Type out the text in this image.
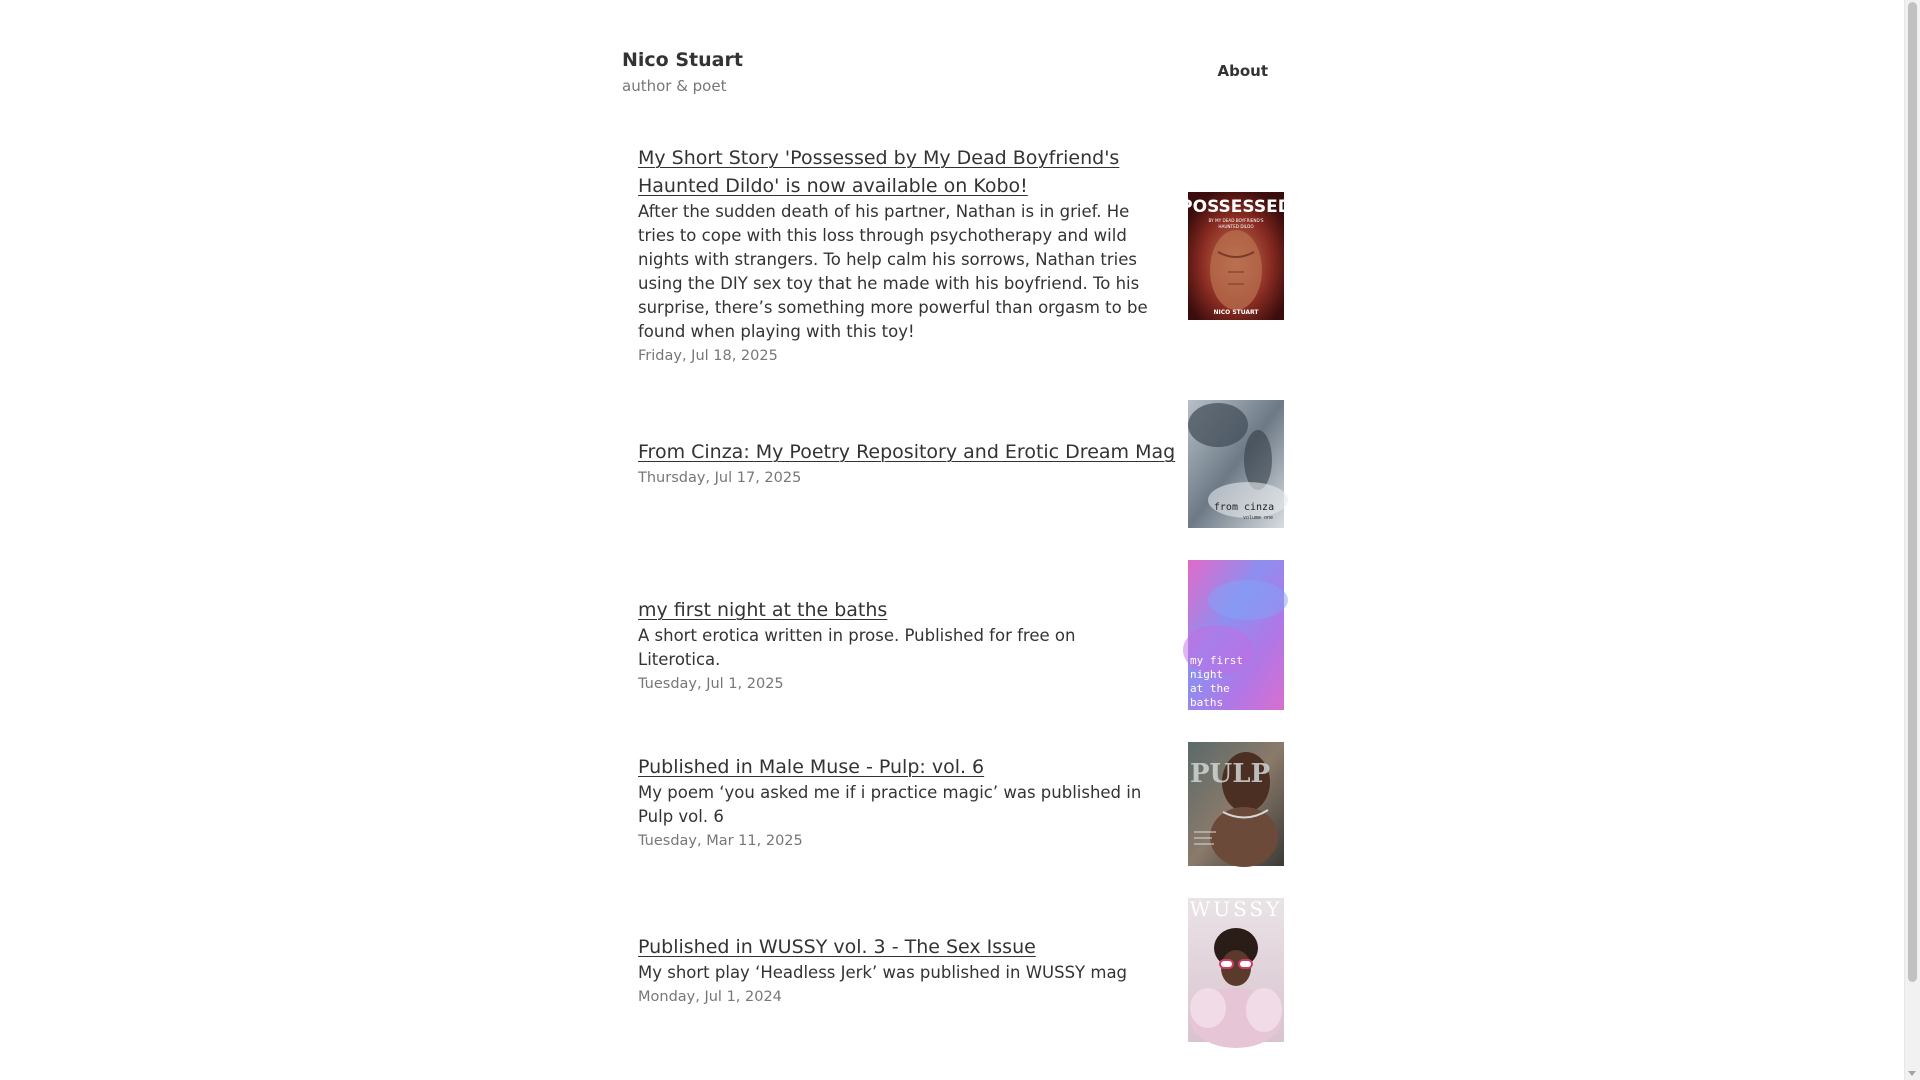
Nico Stuart
author & poet
About
My Short Story 'Possessed by My Dead Boyfriend's Haunted Dildo' is now available on Kobo!
After the sudden death of his partner, Nathan is in grief. He tries to cope with this loss through psychotherapy and wild nights with strangers. To help calm his sorrows, Nathan tries using the DIY sex toy that he made with his boyfriend. To his surprise, there’s something more powerful than orgasm to be found when playing with this toy!
Friday, Jul 18, 2025
POSSESSED
BY MY DEAD BOYFRIEND'S
HAUNTED DILDO
NICO STUART
From Cinza: My Poetry Repository and Erotic Dream Mag
Thursday, Jul 17, 2025
from cinza
volume one
my first night at the baths
A short erotica written in prose. Published for free on Literotica.
Tuesday, Jul 1, 2025
my first
night
at the
baths
Published in Male Muse - Pulp: vol. 6
My poem ‘you asked me if i practice magic’ was published in Pulp vol. 6
Tuesday, Mar 11, 2025
PULP
Published in WUSSY vol. 3 - The Sex Issue
My short play ‘Headless Jerk’ was published in WUSSY mag
Monday, Jul 1, 2024
WUSSY
